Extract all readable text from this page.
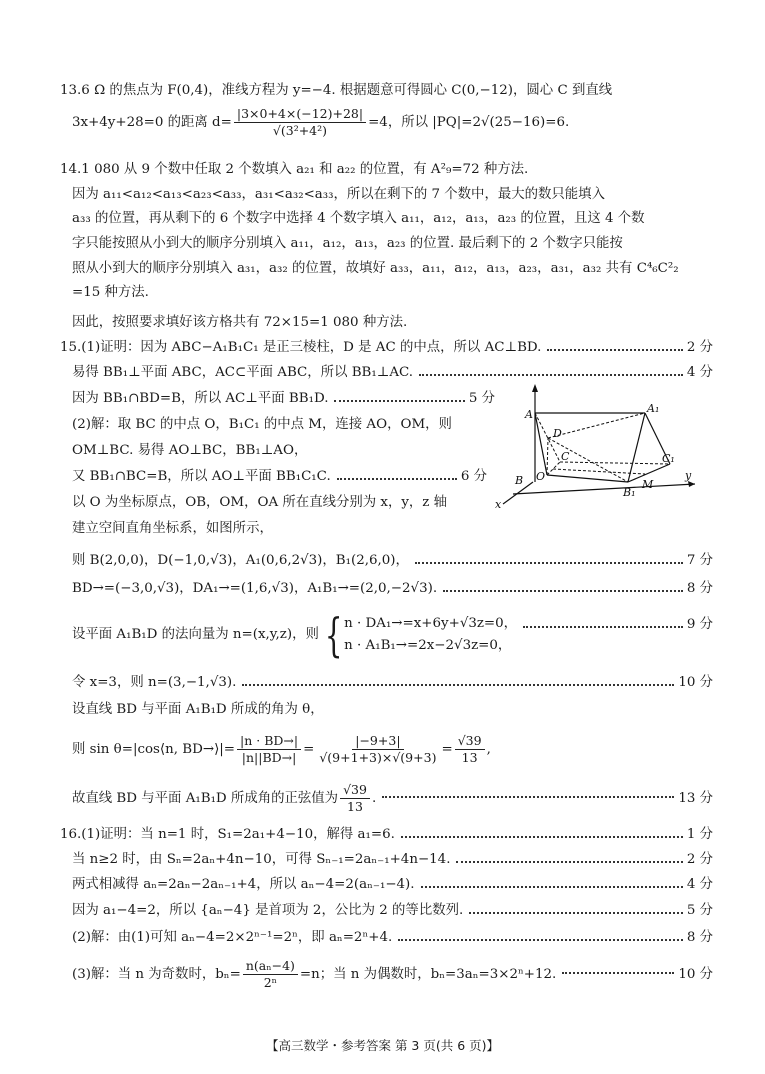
13.6 Ω 的焦点为 F(0,4)，准线方程为 y=−4. 根据题意可得圆心 C(0,−12)，圆心 C 到直线
3x+4y+28=0 的距离 $d= \frac{|3\times 0+4\times(-12)+28|}{\text{√(3²+4²)}} =4$，所以 |PQ|=2√(25−16)=6.
14.1 080 从 9 个数中任取 2 个数填入 a₂₁ 和 a₂₂ 的位置，有 A²₉=72 种方法.
因为 a₁₁<a₁₂<a₁₃<a₂₃<a₃₃，a₃₁<a₃₂<a₃₃，所以在剩下的 7 个数中，最大的数只能填入
a₃₃ 的位置，再从剩下的 6 个数字中选择 4 个数字填入 a₁₁，a₁₂，a₁₃，a₂₃ 的位置，且这 4 个数
字只能按照从小到大的顺序分别填入 a₁₁，a₁₂，a₁₃，a₂₃ 的位置. 最后剩下的 2 个数字只能按
照从小到大的顺序分别填入 a₃₁，a₃₂ 的位置，故填好 a₃₃，a₁₁，a₁₂，a₁₃，a₂₃，a₃₁，a₃₂ 共有 C⁴₆C²₂
=15 种方法.
因此，按照要求填好该方格共有 72×15=1 080 种方法.
15.(1)证明：因为 ABC−A₁B₁C₁ 是正三棱柱，D 是 AC 的中点，所以 AC⊥BD.	2 分
易得 BB₁⊥平面 ABC，AC⊂平面 ABC，所以 BB₁⊥AC.	4 分
因为 BB₁∩BD=B，所以 AC⊥平面 BB₁D.	5 分
(2)解：取 BC 的中点 O，B₁C₁ 的中点 M，连接 AO，OM，则
OM⊥BC. 易得 AO⊥BC，BB₁⊥AO，
又 BB₁∩BC=B，所以 AO⊥平面 BB₁C₁C.	6 分
以 O 为坐标原点，OB，OM，OA 所在直线分别为 x，y，z 轴
建立空间直角坐标系，如图所示，
A	A₁
D
C	C₁
B O
B₁
M
y
x
则 B(2,0,0)，D(−1,0,√3)，A₁(0,6,2√3)，B₁(2,6,0)，	7 分
BD→=(−3,0,√3)，DA₁→=(1,6,√3)，A₁B₁→=(2,0,−2√3).	8 分
设平面 A₁B₁D 的法向量为 n=(x,y,z)，则 { n · DA₁→=x+6y+√3z=0，
n · A₁B₁→=2x−2√3z=0，
9 分
令 x=3，则 n=(3,−1,√3).	10 分
设直线 BD 与平面 A₁B₁D 所成的角为 θ，
则 sin θ=|cos⟨n, BD→⟩|= $\frac{|n \cdot BD\to|}{|n||BD\to|} = \frac{|-9+3|}{√(9+1+3)\times√(9+3)} = \frac{√39}{13}$ ,
故直线 BD 与平面 A₁B₁D 所成角的正弦值为 $\frac{√39}{13}$ .	13 分
16.(1)证明：当 n=1 时，S₁=2a₁+4−10，解得 a₁=6.	1 分
当 n≥2 时，由 Sₙ=2aₙ+4n−10，可得 Sₙ₋₁=2aₙ₋₁+4n−14.	2 分
两式相减得 aₙ=2aₙ−2aₙ₋₁+4，所以 aₙ−4=2(aₙ₋₁−4).	4 分
因为 a₁−4=2，所以 {aₙ−4} 是首项为 2，公比为 2 的等比数列.	5 分
(2)解：由(1)可知 aₙ−4=2×2ⁿ⁻¹=2ⁿ，即 aₙ=2ⁿ+4.	8 分
(3)解：当 n 为奇数时，$b_n= \frac{\text{n(aₙ−4)}}{\text{2ⁿ}} =n$；当 n 为偶数时，bₙ=3aₙ=3×2ⁿ+12.	10 分
【高三数学・参考答案 第 3 页(共 6 页)】
